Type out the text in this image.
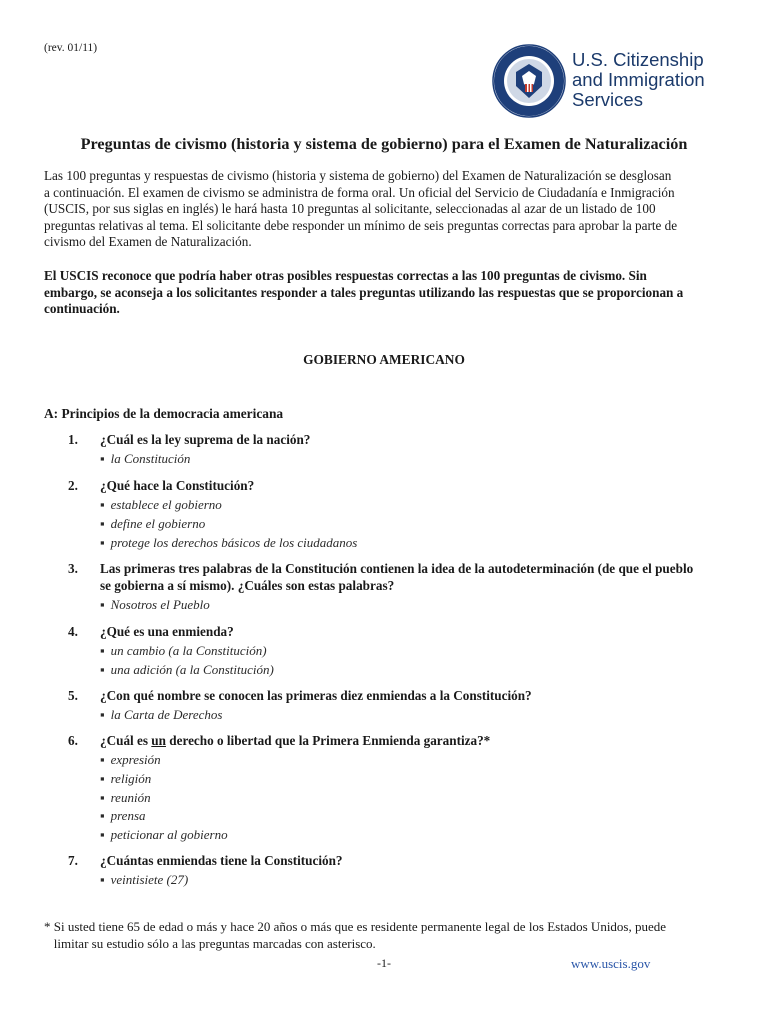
(rev. 01/11)
U.S. Citizenship
and Immigration
Services
Preguntas de civismo (historia y sistema de gobierno) para el Examen de Naturalización
Las 100 preguntas y respuestas de civismo (historia y sistema de gobierno) del Examen de Naturalización se desglosan
a continuación. El examen de civismo se administra de forma oral. Un oficial del Servicio de Ciudadanía e Inmigración
(USCIS, por sus siglas en inglés) le hará hasta 10 preguntas al solicitante, seleccionadas al azar de un listado de 100
preguntas relativas al tema. El solicitante debe responder un mínimo de seis preguntas correctas para aprobar la parte de
civismo del Examen de Naturalización.
El USCIS reconoce que podría haber otras posibles respuestas correctas a las 100 preguntas de civismo. Sin
embargo, se aconseja a los solicitantes responder a tales preguntas utilizando las respuestas que se proporcionan a
continuación.
GOBIERNO AMERICANO
A: Principios de la democracia americana
1. ¿Cuál es la ley suprema de la nación?
▪ la Constitución
2. ¿Qué hace la Constitución?
▪ establece el gobierno
▪ define el gobierno
▪ protege los derechos básicos de los ciudadanos
3. Las primeras tres palabras de la Constitución contienen la idea de la autodeterminación (de que el pueblo
se gobierna a sí mismo). ¿Cuáles son estas palabras?
▪ Nosotros el Pueblo
4. ¿Qué es una enmienda?
▪ un cambio (a la Constitución)
▪ una adición (a la Constitución)
5. ¿Con qué nombre se conocen las primeras diez enmiendas a la Constitución?
▪ la Carta de Derechos
6. ¿Cuál es un derecho o libertad que la Primera Enmienda garantiza?*
▪ expresión
▪ religión
▪ reunión
▪ prensa
▪ peticionar al gobierno
7. ¿Cuántas enmiendas tiene la Constitución?
▪ veintisiete (27)
* Si usted tiene 65 de edad o más y hace 20 años o más que es residente permanente legal de los Estados Unidos, puede
limitar su estudio sólo a las preguntas marcadas con asterisco.
-1-	www.uscis.gov
